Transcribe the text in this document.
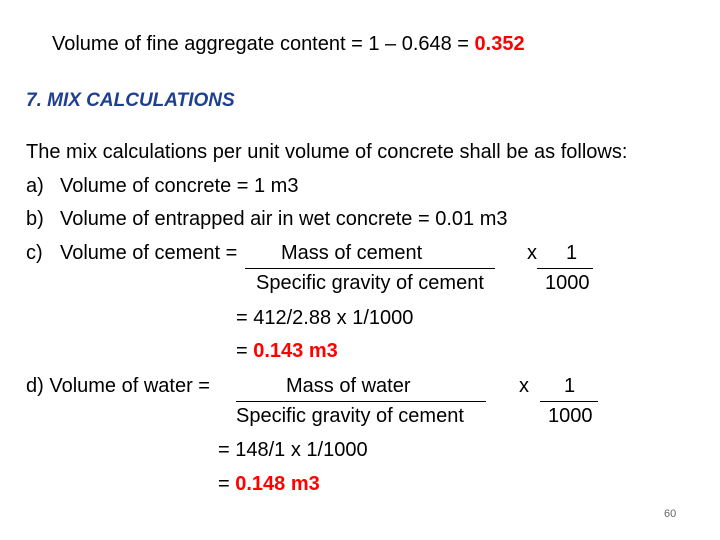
Volume of fine aggregate content = 1 – 0.648 = 0.352
7. MIX CALCULATIONS
The mix calculations per unit volume of concrete shall be as follows:
a) Volume of concrete = 1 m3
b) Volume of entrapped air in wet concrete = 0.01 m3
c) Volume of cement = Mass of cement
Specific gravity of cement
x 1
1000
= 412/2.88 x 1/1000
= 0.143 m3
d) Volume of water =	Mass of water
Specific gravity of cement
x 1
1000
= 148/1 x 1/1000
= 0.148 m3
60
